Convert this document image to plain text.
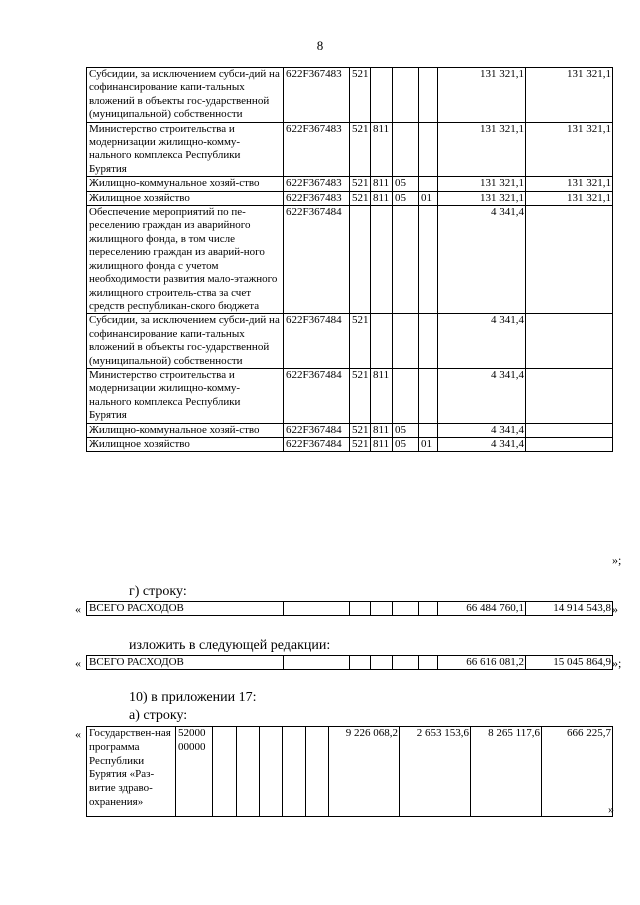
8
Субсидии, за исключением субси-дий на софинансирование капи-тальных вложений в объекты гос-ударственной (муниципальной) собственности	622F367483	521				131 321,1	131 321,1
Министерство строительства и модернизации жилищно-комму-нального комплекса Республики Бурятия	622F367483	521	811			131 321,1	131 321,1
Жилищно-коммунальное хозяй-ство	622F367483	521	811	05		131 321,1	131 321,1
Жилищное хозяйство	622F367483	521	811	05	01	131 321,1	131 321,1
Обеспечение мероприятий по пе-реселению граждан из аварийного жилищного фонда, в том числе переселению граждан из аварий-ного жилищного фонда с учетом необходимости развития мало-этажного жилищного строитель-ства за счет средств республикан-ского бюджета	622F367484					4 341,4	
Субсидии, за исключением субси-дий на софинансирование капи-тальных вложений в объекты гос-ударственной (муниципальной) собственности	622F367484	521				4 341,4	
Министерство строительства и модернизации жилищно-комму-нального комплекса Республики Бурятия	622F367484	521	811			4 341,4	
Жилищно-коммунальное хозяй-ство	622F367484	521	811	05		4 341,4	
Жилищное хозяйство	622F367484	521	811	05	01	4 341,4	
»;
г) строку:
« ВСЕГО РАСХОДОВ						66 484 760,1	14 914 543,8 »
изложить в следующей редакции:
« ВСЕГО РАСХОДОВ						66 616 081,2	15 045 864,9 »;
10) в приложении 17:
а) строку:
« Государствен-ная программа Республики Бурятия «Раз-витие здраво-охранения»	52000 00000						9 226 068,2	2 653 153,6	8 265 117,6	666 225,7
»
